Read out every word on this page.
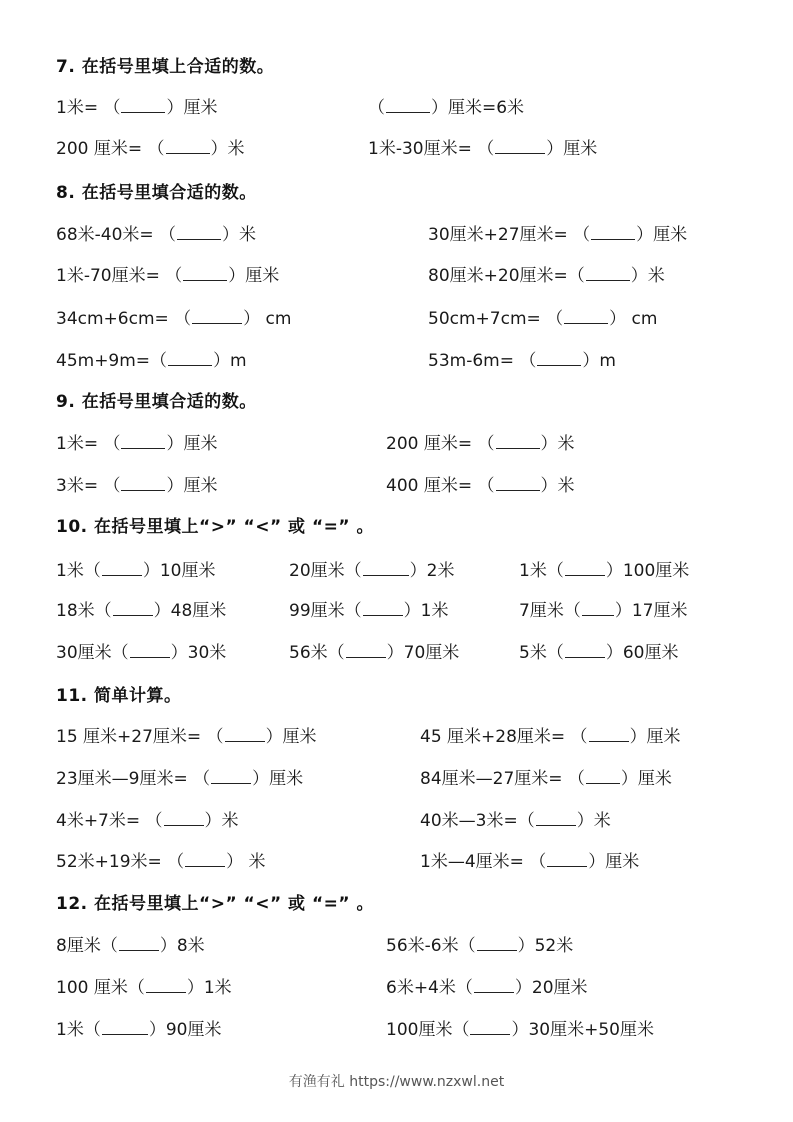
7. 在括号里填上合适的数。
1米= （	）厘米	（	）厘米=6米
200 厘米= （	）米	1米-30厘米= （	）厘米
8. 在括号里填合适的数。
68米-40米= （	）米	30厘米+27厘米= （	）厘米
1米-70厘米= （	）厘米	80厘米+20厘米=（	）米
34cm+6cm= （	） cm	50cm+7cm= （	） cm
45m+9m=（	）m	53m-6m= （	）m
9. 在括号里填合适的数。
1米= （	）厘米	200 厘米= （	）米
3米= （	）厘米	400 厘米= （	）米
10. 在括号里填上“>” “<” 或 “=” 。
1米（ ）10厘米	20厘米（	）2米	1米（ ）100厘米
18米（ ）48厘米	99厘米（ ）1米	7厘米（ ）17厘米
30厘米（ ）30米	56米（ ）70厘米	5米（ ）60厘米
11. 简单计算。
15 厘米+27厘米= （ ）厘米	45 厘米+28厘米= （ ）厘米
23厘米—9厘米= （ ）厘米	84厘米—27厘米= （ ）厘米
4米+7米= （ ）米	40米—3米=（ ）米
52米+19米= （ ） 米	1米—4厘米= （ ）厘米
12. 在括号里填上“>” “<” 或 “=” 。
8厘米（ ）8米	56米-6米（ ）52米
100 厘米（ ）1米	6米+4米（ ）20厘米
1米（	）90厘米	100厘米（ ）30厘米+50厘米
有渔有礼 https://www.nzxwl.net
